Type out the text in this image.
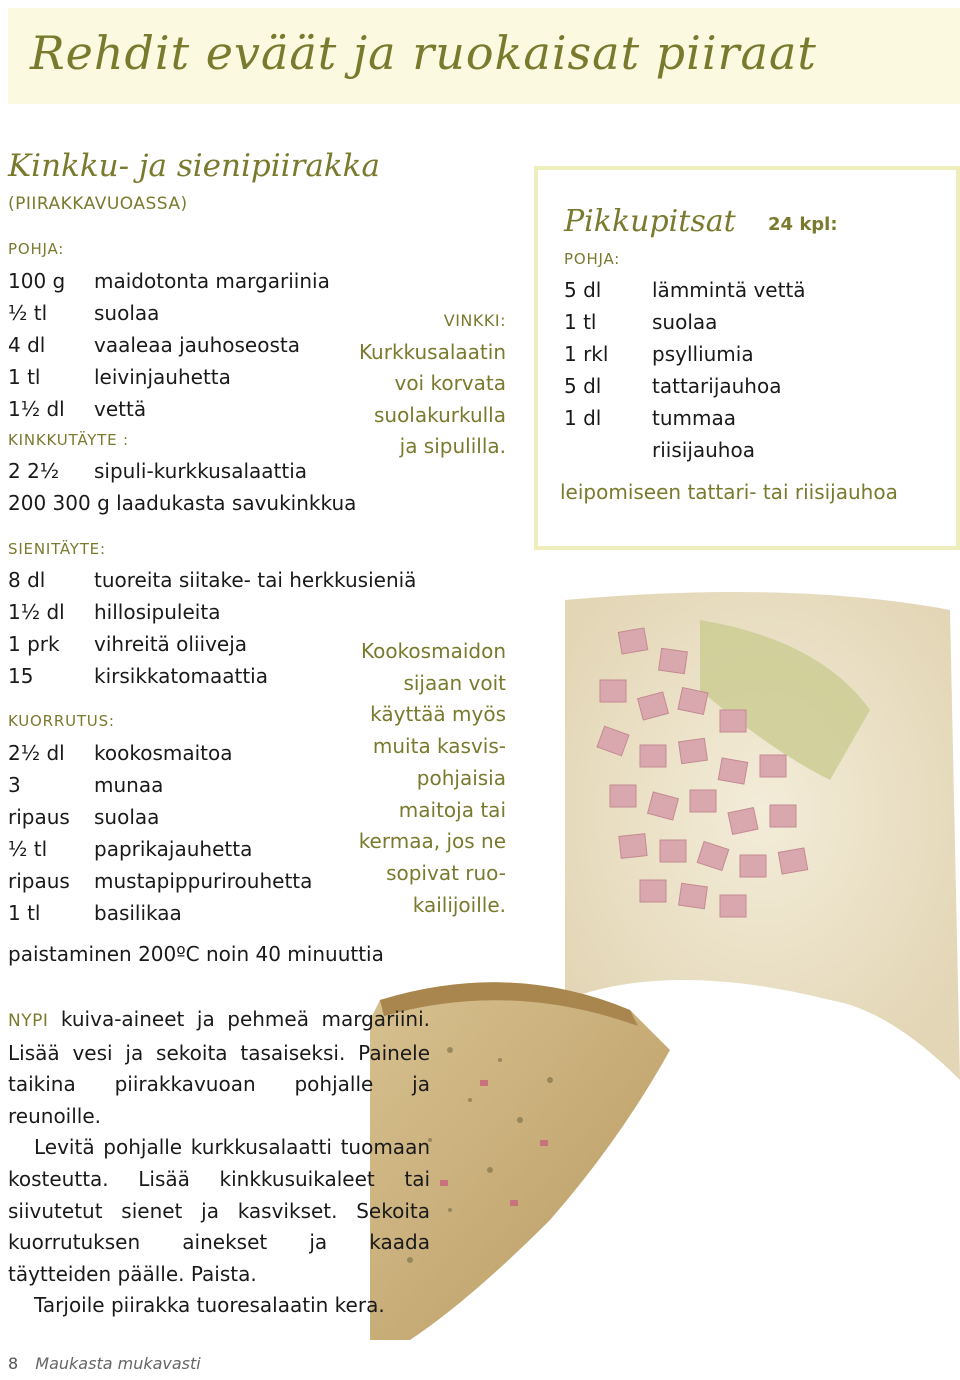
Rehdit eväät ja ruokaisat piiraat
Kinkku- ja sienipiirakka
(PIIRAKKAVUOASSA)
POHJA:
100 g maidotonta margariinia
½ tl suolaa
4 dl vaaleaa jauhoseosta
1 tl	leivinjauhetta
1½ dl vettä
KINKKUTÄYTE :
2 2½ sipuli-kurkkusalaattia
200 300 g laadukasta savukinkkua
VINKKI:
Kurkkusalaatin
voi korvata
suolakurkulla
ja sipulilla.
SIENITÄYTE:
8 dl tuoreita siitake- tai herkkusieniä
1½ dl hillosipuleita
1 prk vihreitä oliiveja
15	kirsikkatomaattia
KUORRUTUS:
2½ dl kookosmaitoa
3	munaa
ripaus suolaa
½ tl paprikajauhetta
ripaus mustapippurirouhetta
1 tl	basilikaa
Kookosmaidon
sijaan voit
käyttää myös
muita kasvis-
pohjaisia
maitoja tai
kermaa, jos ne
sopivat ruo-
kailijoille.
paistaminen 200ºC noin 40 minuuttia

NYPI kuiva-aineet ja pehmeä margariini. Lisää vesi ja sekoita tasaiseksi. Painele taikina piirakkavuoan pohjalle ja reunoille.

Levitä pohjalle kurkkusalaatti tuomaan kosteutta. Lisää kinkkusuikaleet tai siivutetut sienet ja kasvikset. Sekoita kuorrutuksen ainekset ja kaada täytteiden päälle. Paista.

Tarjoile piirakka tuoresalaatin kera.

Pikkupitsat 24 kpl:
POHJA:
5 dl	lämmintä vettä
1 tl	suolaa
1 rkl psylliumia
5 dl	tattarijauhoa
1 dl	tummaa
riisijauhoa
leipomiseen tattari- tai riisijauhoa
8 Maukasta mukavasti
